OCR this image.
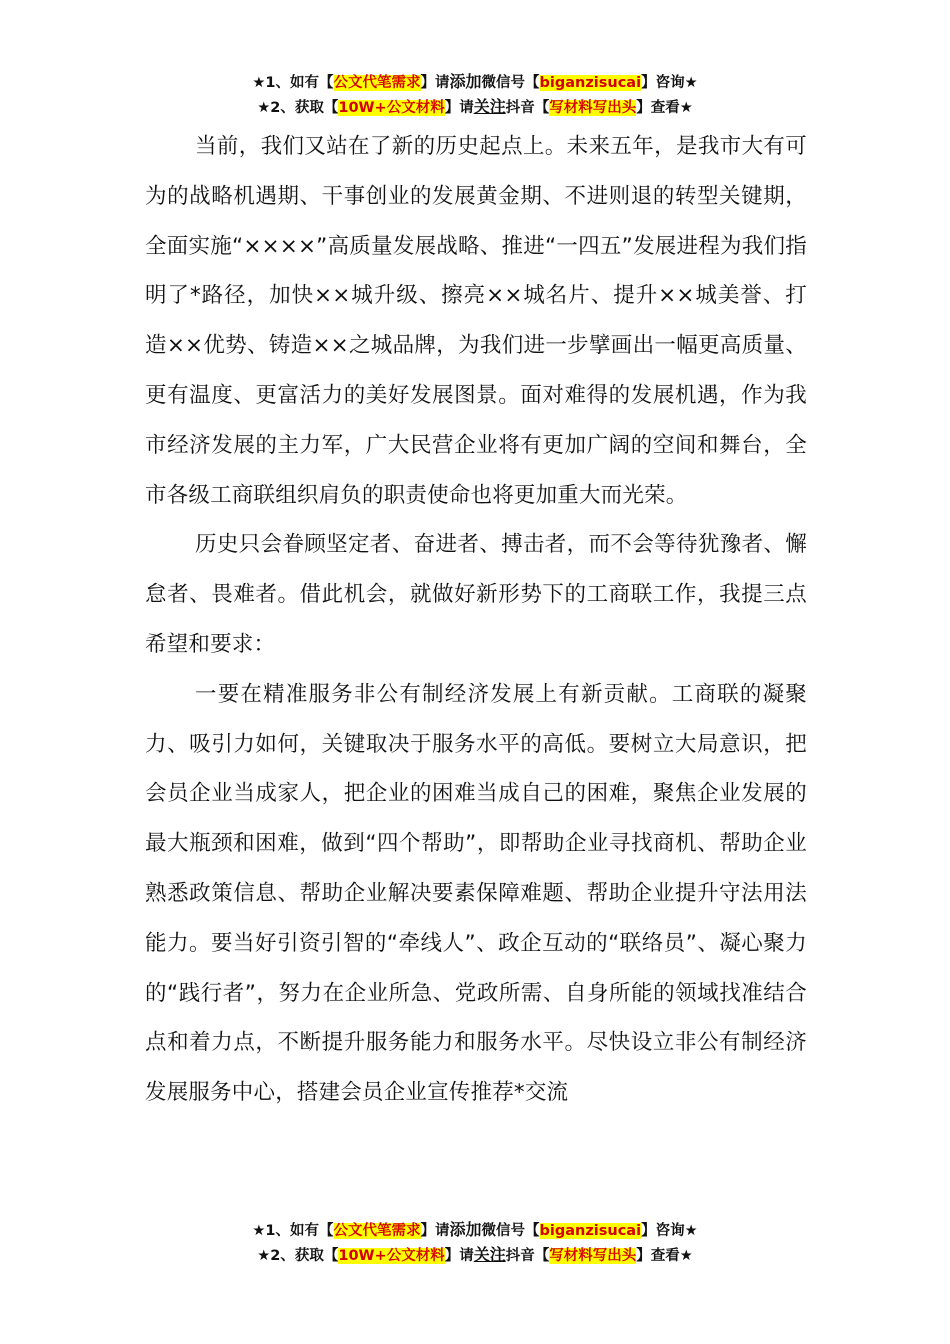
★1、如有【公文代笔需求】请添加微信号【biganzisucai】咨询★
★2、获取【10W+公文材料】请关注抖音【写材料写出头】查看★

当前，我们又站在了新的历史起点上。未来五年，是我市大有可为的战略机遇期、干事创业的发展黄金期、不进则退的转型关键期，全面实施“××××”高质量发展战略、推进“一四五”发展进程为我们指明了*路径，加快××城升级、擦亮××城名片、提升××城美誉、打造××优势、铸造××之城品牌，为我们进一步擘画出一幅更高质量、更有温度、更富活力的美好发展图景。面对难得的发展机遇，作为我市经济发展的主力军，广大民营企业将有更加广阔的空间和舞台，全市各级工商联组织肩负的职责使命也将更加重大而光荣。

历史只会眷顾坚定者、奋进者、搏击者，而不会等待犹豫者、懈怠者、畏难者。借此机会，就做好新形势下的工商联工作，我提三点希望和要求：

一要在精准服务非公有制经济发展上有新贡献。工商联的凝聚力、吸引力如何，关键取决于服务水平的高低。要树立大局意识，把会员企业当成家人，把企业的困难当成自己的困难，聚焦企业发展的最大瓶颈和困难，做到“四个帮助”，即帮助企业寻找商机、帮助企业熟悉政策信息、帮助企业解决要素保障难题、帮助企业提升守法用法能力。要当好引资引智的“牵线人”、政企互动的“联络员”、凝心聚力的“践行者”，努力在企业所急、党政所需、自身所能的领域找准结合点和着力点，不断提升服务能力和服务水平。尽快设立非公有制经济发展服务中心，搭建会员企业宣传推荐*交流

★1、如有【公文代笔需求】请添加微信号【biganzisucai】咨询★
★2、获取【10W+公文材料】请关注抖音【写材料写出头】查看★
